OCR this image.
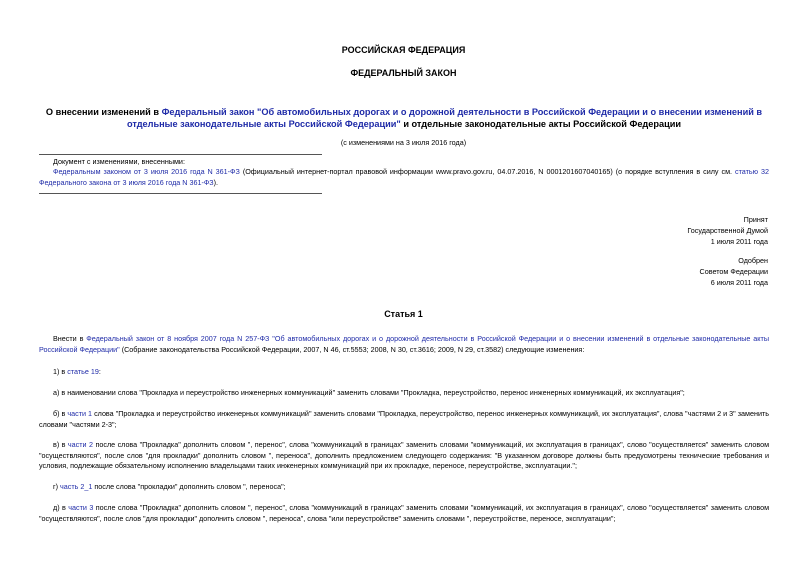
РОССИЙСКАЯ ФЕДЕРАЦИЯ
ФЕДЕРАЛЬНЫЙ ЗАКОН
О внесении изменений в Федеральный закон "Об автомобильных дорогах и о дорожной деятельности в Российской Федерации и о внесении изменений в отдельные законодательные акты Российской Федерации" и отдельные законодательные акты Российской Федерации
(с изменениями на 3 июля 2016 года)
Документ с изменениями, внесенными:
Федеральным законом от 3 июля 2016 года N 361-ФЗ (Официальный интернет-портал правовой информации www.pravo.gov.ru, 04.07.2016, N 0001201607040165) (о порядке вступления в силу см. статью 32 Федерального закона от 3 июля 2016 года N 361-ФЗ).
Принят
Государственной Думой
1 июля 2011 года
Одобрен
Советом Федерации
6 июля 2011 года
Статья 1
Внести в Федеральный закон от 8 ноября 2007 года N 257-ФЗ "Об автомобильных дорогах и о дорожной деятельности в Российской Федерации и о внесении изменений в отдельные законодательные акты Российской Федерации" (Собрание законодательства Российской Федерации, 2007, N 46, ст.5553; 2008, N 30, ст.3616; 2009, N 29, ст.3582) следующие изменения:
1) в статье 19:
а) в наименовании слова "Прокладка и переустройство инженерных коммуникаций" заменить словами "Прокладка, переустройство, перенос инженерных коммуникаций, их эксплуатация";
б) в части 1 слова "Прокладка и переустройство инженерных коммуникаций" заменить словами "Прокладка, переустройство, перенос инженерных коммуникаций, их эксплуатация", слова "частями 2 и 3" заменить словами "частями 2-3";
в) в части 2 после слова "Прокладка" дополнить словом ", перенос", слова "коммуникаций в границах" заменить словами "коммуникаций, их эксплуатация в границах", слово "осуществляется" заменить словом "осуществляются", после слов "для прокладки" дополнить словом ", переноса", дополнить предложением следующего содержания: "В указанном договоре должны быть предусмотрены технические требования и условия, подлежащие обязательному исполнению владельцами таких инженерных коммуникаций при их прокладке, переносе, переустройстве, эксплуатации.";
г) часть 2_1 после слова "прокладки" дополнить словом ", переноса";
д) в части 3 после слова "Прокладка" дополнить словом ", перенос", слова "коммуникаций в границах" заменить словами "коммуникаций, их эксплуатация в границах", слово "осуществляется" заменить словом "осуществляются", после слов "для прокладки" дополнить словом ", переноса", слова "или переустройстве" заменить словами ", переустройстве, переносе, эксплуатации";
